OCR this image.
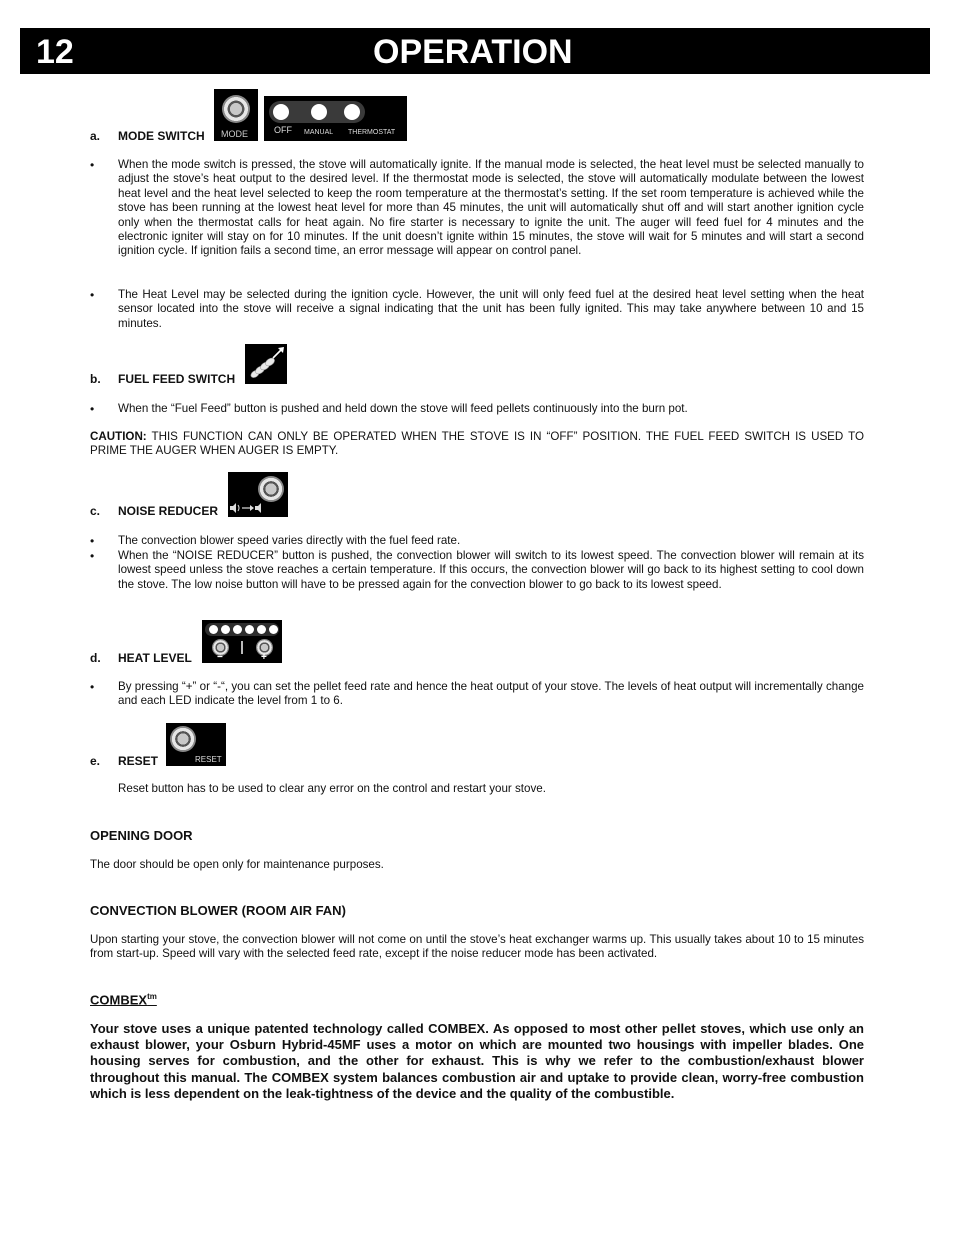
12	OPERATION
a. MODE SWITCH MODE	OFF MANUAL THERMOSTAT
• When the mode switch is pressed, the stove will automatically ignite. If the manual mode is selected, the heat level must be selected manually to adjust the stove’s heat output to the desired level. If the thermostat mode is selected, the stove will automatically modulate between the lowest heat level and the heat level selected to keep the room temperature at the thermostat’s setting. If the set room temperature is achieved while the stove has been running at the lowest heat level for more than 45 minutes, the unit will automatically shut off and will start another ignition cycle only when the thermostat calls for heat again. No fire starter is necessary to ignite the unit. The auger will feed fuel for 4 minutes and the electronic igniter will stay on for 10 minutes. If the unit doesn’t ignite within 15 minutes, the stove will wait for 5 minutes and will start a second ignition cycle. If ignition fails a second time, an error message will appear on control panel.
• The Heat Level may be selected during the ignition cycle. However, the unit will only feed fuel at the desired heat level setting when the heat sensor located into the stove will receive a signal indicating that the unit has been fully ignited. This may take anywhere between 10 and 15 minutes.
b. FUEL FEED SWITCH
• When the “Fuel Feed” button is pushed and held down the stove will feed pellets continuously into the burn pot.
CAUTION: THIS FUNCTION CAN ONLY BE OPERATED WHEN THE STOVE IS IN “OFF” POSITION. THE FUEL FEED SWITCH IS USED TO PRIME THE AUGER WHEN AUGER IS EMPTY.
c. NOISE REDUCER
• The convection blower speed varies directly with the fuel feed rate.
• When the “NOISE REDUCER” button is pushed, the convection blower will switch to its lowest speed. The convection blower will remain at its lowest speed unless the stove reaches a certain temperature. If this occurs, the convection blower will go back to its highest setting to cool down the stove. The low noise button will have to be pressed again for the convection blower to go back to its lowest speed.
d. HEAT LEVEL	−	+
• By pressing “+” or “-“, you can set the pellet feed rate and hence the heat output of your stove. The levels of heat output will incrementally change and each LED indicate the level from 1 to 6.
e. RESET	RESET
Reset button has to be used to clear any error on the control and restart your stove.
OPENING DOOR
The door should be open only for maintenance purposes.
CONVECTION BLOWER (ROOM AIR FAN)
Upon starting your stove, the convection blower will not come on until the stove’s heat exchanger warms up. This usually takes about 10 to 15 minutes from start-up. Speed will vary with the selected feed rate, except if the noise reducer mode has been activated.
$COMBEX^{tm}$
Your stove uses a unique patented technology called COMBEX. As opposed to most other pellet stoves, which use only an exhaust blower, your Osburn Hybrid-45MF uses a motor on which are mounted two housings with impeller blades. One housing serves for combustion, and the other for exhaust. This is why we refer to the combustion/exhaust blower throughout this manual. The COMBEX system balances combustion air and uptake to provide clean, worry-free combustion which is less dependent on the leak-tightness of the device and the quality of the combustible.
